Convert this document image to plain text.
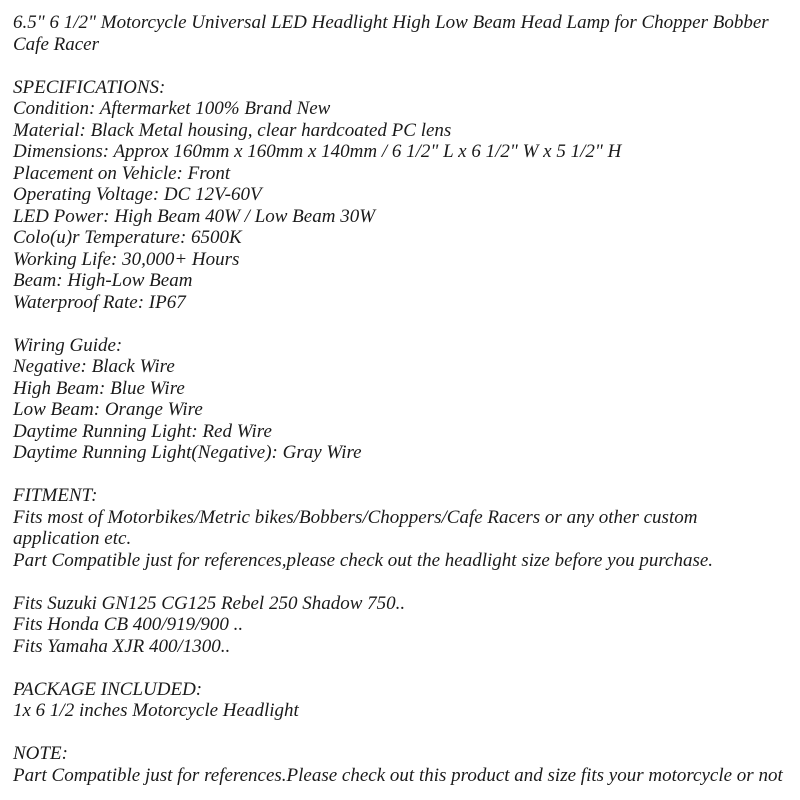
6.5" 6 1/2" Motorcycle Universal LED Headlight High Low Beam Head Lamp for Chopper Bobber Cafe Racer
SPECIFICATIONS:
Condition: Aftermarket 100% Brand New
Material: Black Metal housing, clear hardcoated PC lens
Dimensions: Approx 160mm x 160mm x 140mm / 6 1/2" L x 6 1/2" W x 5 1/2" H
Placement on Vehicle: Front
Operating Voltage: DC 12V-60V
LED Power: High Beam 40W / Low Beam 30W
Colo(u)r Temperature: 6500K
Working Life: 30,000+ Hours
Beam: High-Low Beam
Waterproof Rate: IP67
Wiring Guide:
Negative: Black Wire
High Beam: Blue Wire
Low Beam: Orange Wire
Daytime Running Light: Red Wire
Daytime Running Light(Negative): Gray Wire
FITMENT:
Fits most of Motorbikes/Metric bikes/Bobbers/Choppers/Cafe Racers or any other custom application etc.
Part Compatible just for references,please check out the headlight size before you purchase.
Fits Suzuki GN125 CG125 Rebel 250 Shadow 750..
Fits Honda CB 400/919/900 ..
Fits Yamaha XJR 400/1300..
PACKAGE INCLUDED:
1x 6 1/2 inches Motorcycle Headlight
NOTE:
Part Compatible just for references.Please check out this product and size fits your motorcycle or not
